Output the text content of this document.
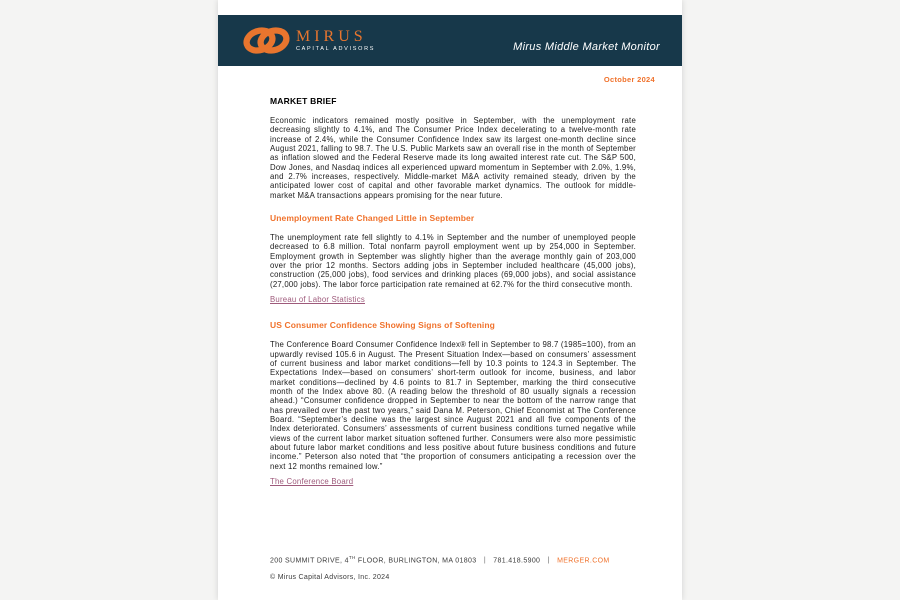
MIRUS
CAPITAL ADVISORS	Mirus Middle Market Monitor
October 2024
MARKET BRIEF

Economic indicators remained mostly positive in September, with the unemployment rate decreasing slightly to 4.1%, and The Consumer Price Index decelerating to a twelve-month rate increase of 2.4%, while the Consumer Confidence Index saw its largest one-month decline since August 2021, falling to 98.7. The U.S. Public Markets saw an overall rise in the month of September as inflation slowed and the Federal Reserve made its long awaited interest rate cut. The S&P 500, Dow Jones, and Nasdaq indices all experienced upward momentum in September with 2.0%, 1.9%, and 2.7% increases, respectively. Middle-market M&A activity remained steady, driven by the anticipated lower cost of capital and other favorable market dynamics. The outlook for middle-market M&A transactions appears promising for the near future.

Unemployment Rate Changed Little in September

The unemployment rate fell slightly to 4.1% in September and the number of unemployed people decreased to 6.8 million. Total nonfarm payroll employment went up by 254,000 in September. Employment growth in September was slightly higher than the average monthly gain of 203,000 over the prior 12 months. Sectors adding jobs in September included healthcare (45,000 jobs), construction (25,000 jobs), food services and drinking places (69,000 jobs), and social assistance (27,000 jobs). The labor force participation rate remained at 62.7% for the third consecutive month.

Bureau of Labor Statistics
US Consumer Confidence Showing Signs of Softening

The Conference Board Consumer Confidence Index® fell in September to 98.7 (1985=100), from an upwardly revised 105.6 in August. The Present Situation Index—based on consumers’ assessment of current business and labor market conditions—fell by 10.3 points to 124.3 in September. The Expectations Index—based on consumers’ short-term outlook for income, business, and labor market conditions—declined by 4.6 points to 81.7 in September, marking the third consecutive month of the Index above 80. (A reading below the threshold of 80 usually signals a recession ahead.) “Consumer confidence dropped in September to near the bottom of the narrow range that has prevailed over the past two years,” said Dana M. Peterson, Chief Economist at The Conference Board. “September’s decline was the largest since August 2021 and all five components of the Index deteriorated. Consumers’ assessments of current business conditions turned negative while views of the current labor market situation softened further. Consumers were also more pessimistic about future labor market conditions and less positive about future business conditions and future income.” Peterson also noted that “the proportion of consumers anticipating a recession over the next 12 months remained low.”

The Conference Board
200 SUMMIT DRIVE, 4TH FLOOR, BURLINGTON, MA 01803 | 781.418.5900 | MERGER.COM
© Mirus Capital Advisors, Inc. 2024
